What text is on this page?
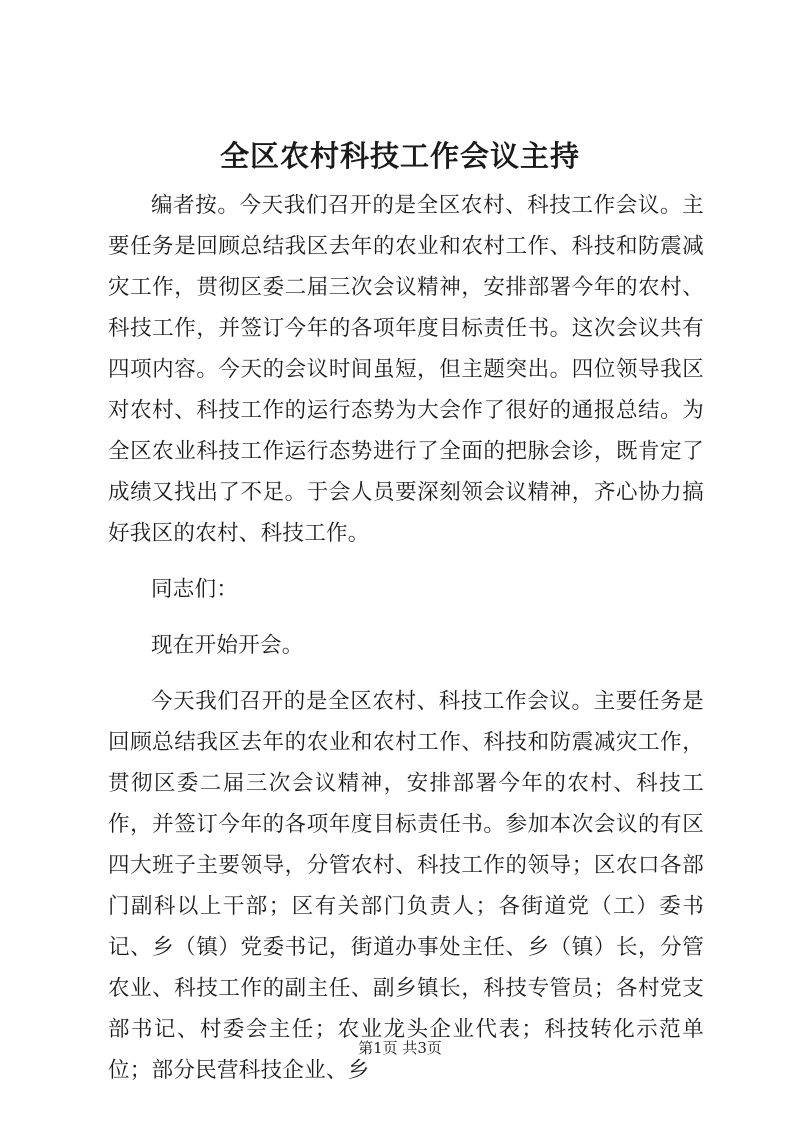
全区农村科技工作会议主持

编者按。今天我们召开的是全区农村、科技工作会议。主要任务是回顾总结我区去年的农业和农村工作、科技和防震减灾工作，贯彻区委二届三次会议精神，安排部署今年的农村、科技工作，并签订今年的各项年度目标责任书。这次会议共有四项内容。今天的会议时间虽短，但主题突出。四位领导我区对农村、科技工作的运行态势为大会作了很好的通报总结。为全区农业科技工作运行态势进行了全面的把脉会诊，既肯定了成绩又找出了不足。于会人员要深刻领会议精神，齐心协力搞好我区的农村、科技工作。

同志们：

现在开始开会。

今天我们召开的是全区农村、科技工作会议。主要任务是回顾总结我区去年的农业和农村工作、科技和防震减灾工作，贯彻区委二届三次会议精神，安排部署今年的农村、科技工作，并签订今年的各项年度目标责任书。参加本次会议的有区四大班子主要领导，分管农村、科技工作的领导；区农口各部门副科以上干部；区有关部门负责人；各街道党（工）委书记、乡（镇）党委书记，街道办事处主任、乡（镇）长，分管农业、科技工作的副主任、副乡镇长，科技专管员；各村党支部书记、村委会主任；农业龙头企业代表；科技转化示范单位；部分民营科技企业、乡

第1页 共3页
